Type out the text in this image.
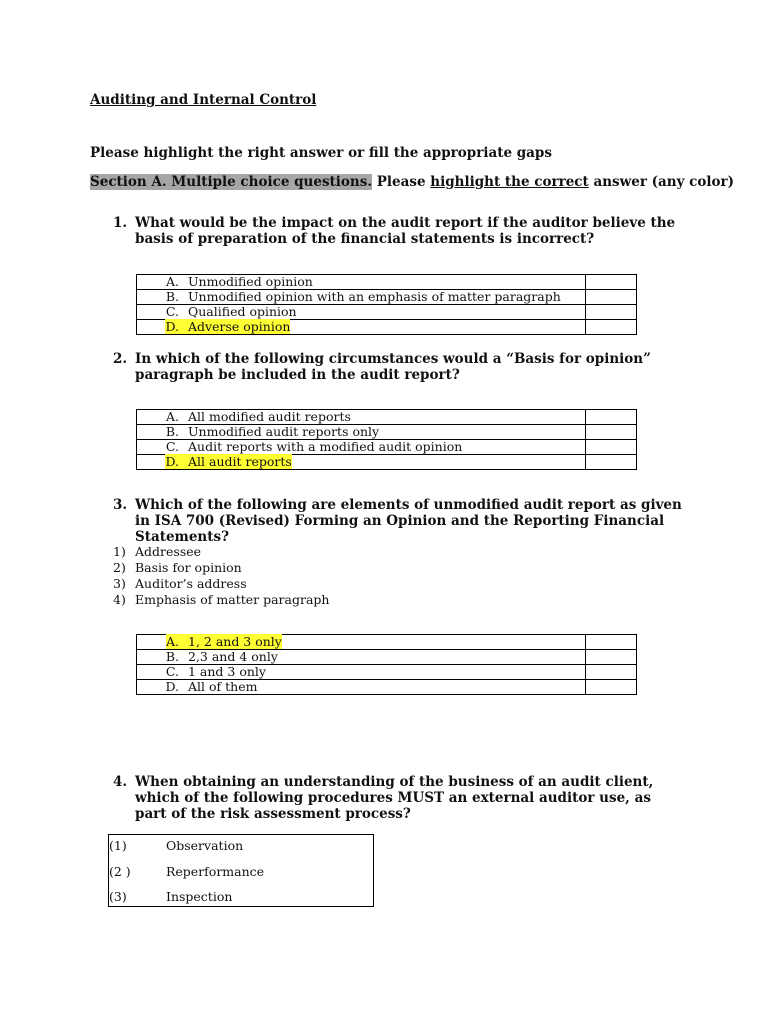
Auditing and Internal Control
Please highlight the right answer or fill the appropriate gaps
Section A. Multiple choice questions. Please highlight the correct answer (any color)
1. What would be the impact on the audit report if the auditor believe the basis of preparation of the financial statements is incorrect?
A. Unmodified opinion	
B. Unmodified opinion with an emphasis of matter paragraph	
C. Qualified opinion	
D. Adverse opinion	
2. In which of the following circumstances would a “Basis for opinion” paragraph be included in the audit report?
A. All modified audit reports	
B. Unmodified audit reports only	
C. Audit reports with a modified audit opinion	
D. All audit reports	
3. Which of the following are elements of unmodified audit report as given in ISA 700 (Revised) Forming an Opinion and the Reporting Financial Statements?
1) Addressee
2) Basis for opinion
3) Auditor’s address
4) Emphasis of matter paragraph
A. 1, 2 and 3 only	
B. 2,3 and 4 only	
C. 1 and 3 only	
D. All of them	
4. When obtaining an understanding of the business of an audit client, which of the following procedures MUST an external auditor use, as part of the risk assessment process?
(1)	Observation
(2 )	Reperformance
(3)	Inspection
